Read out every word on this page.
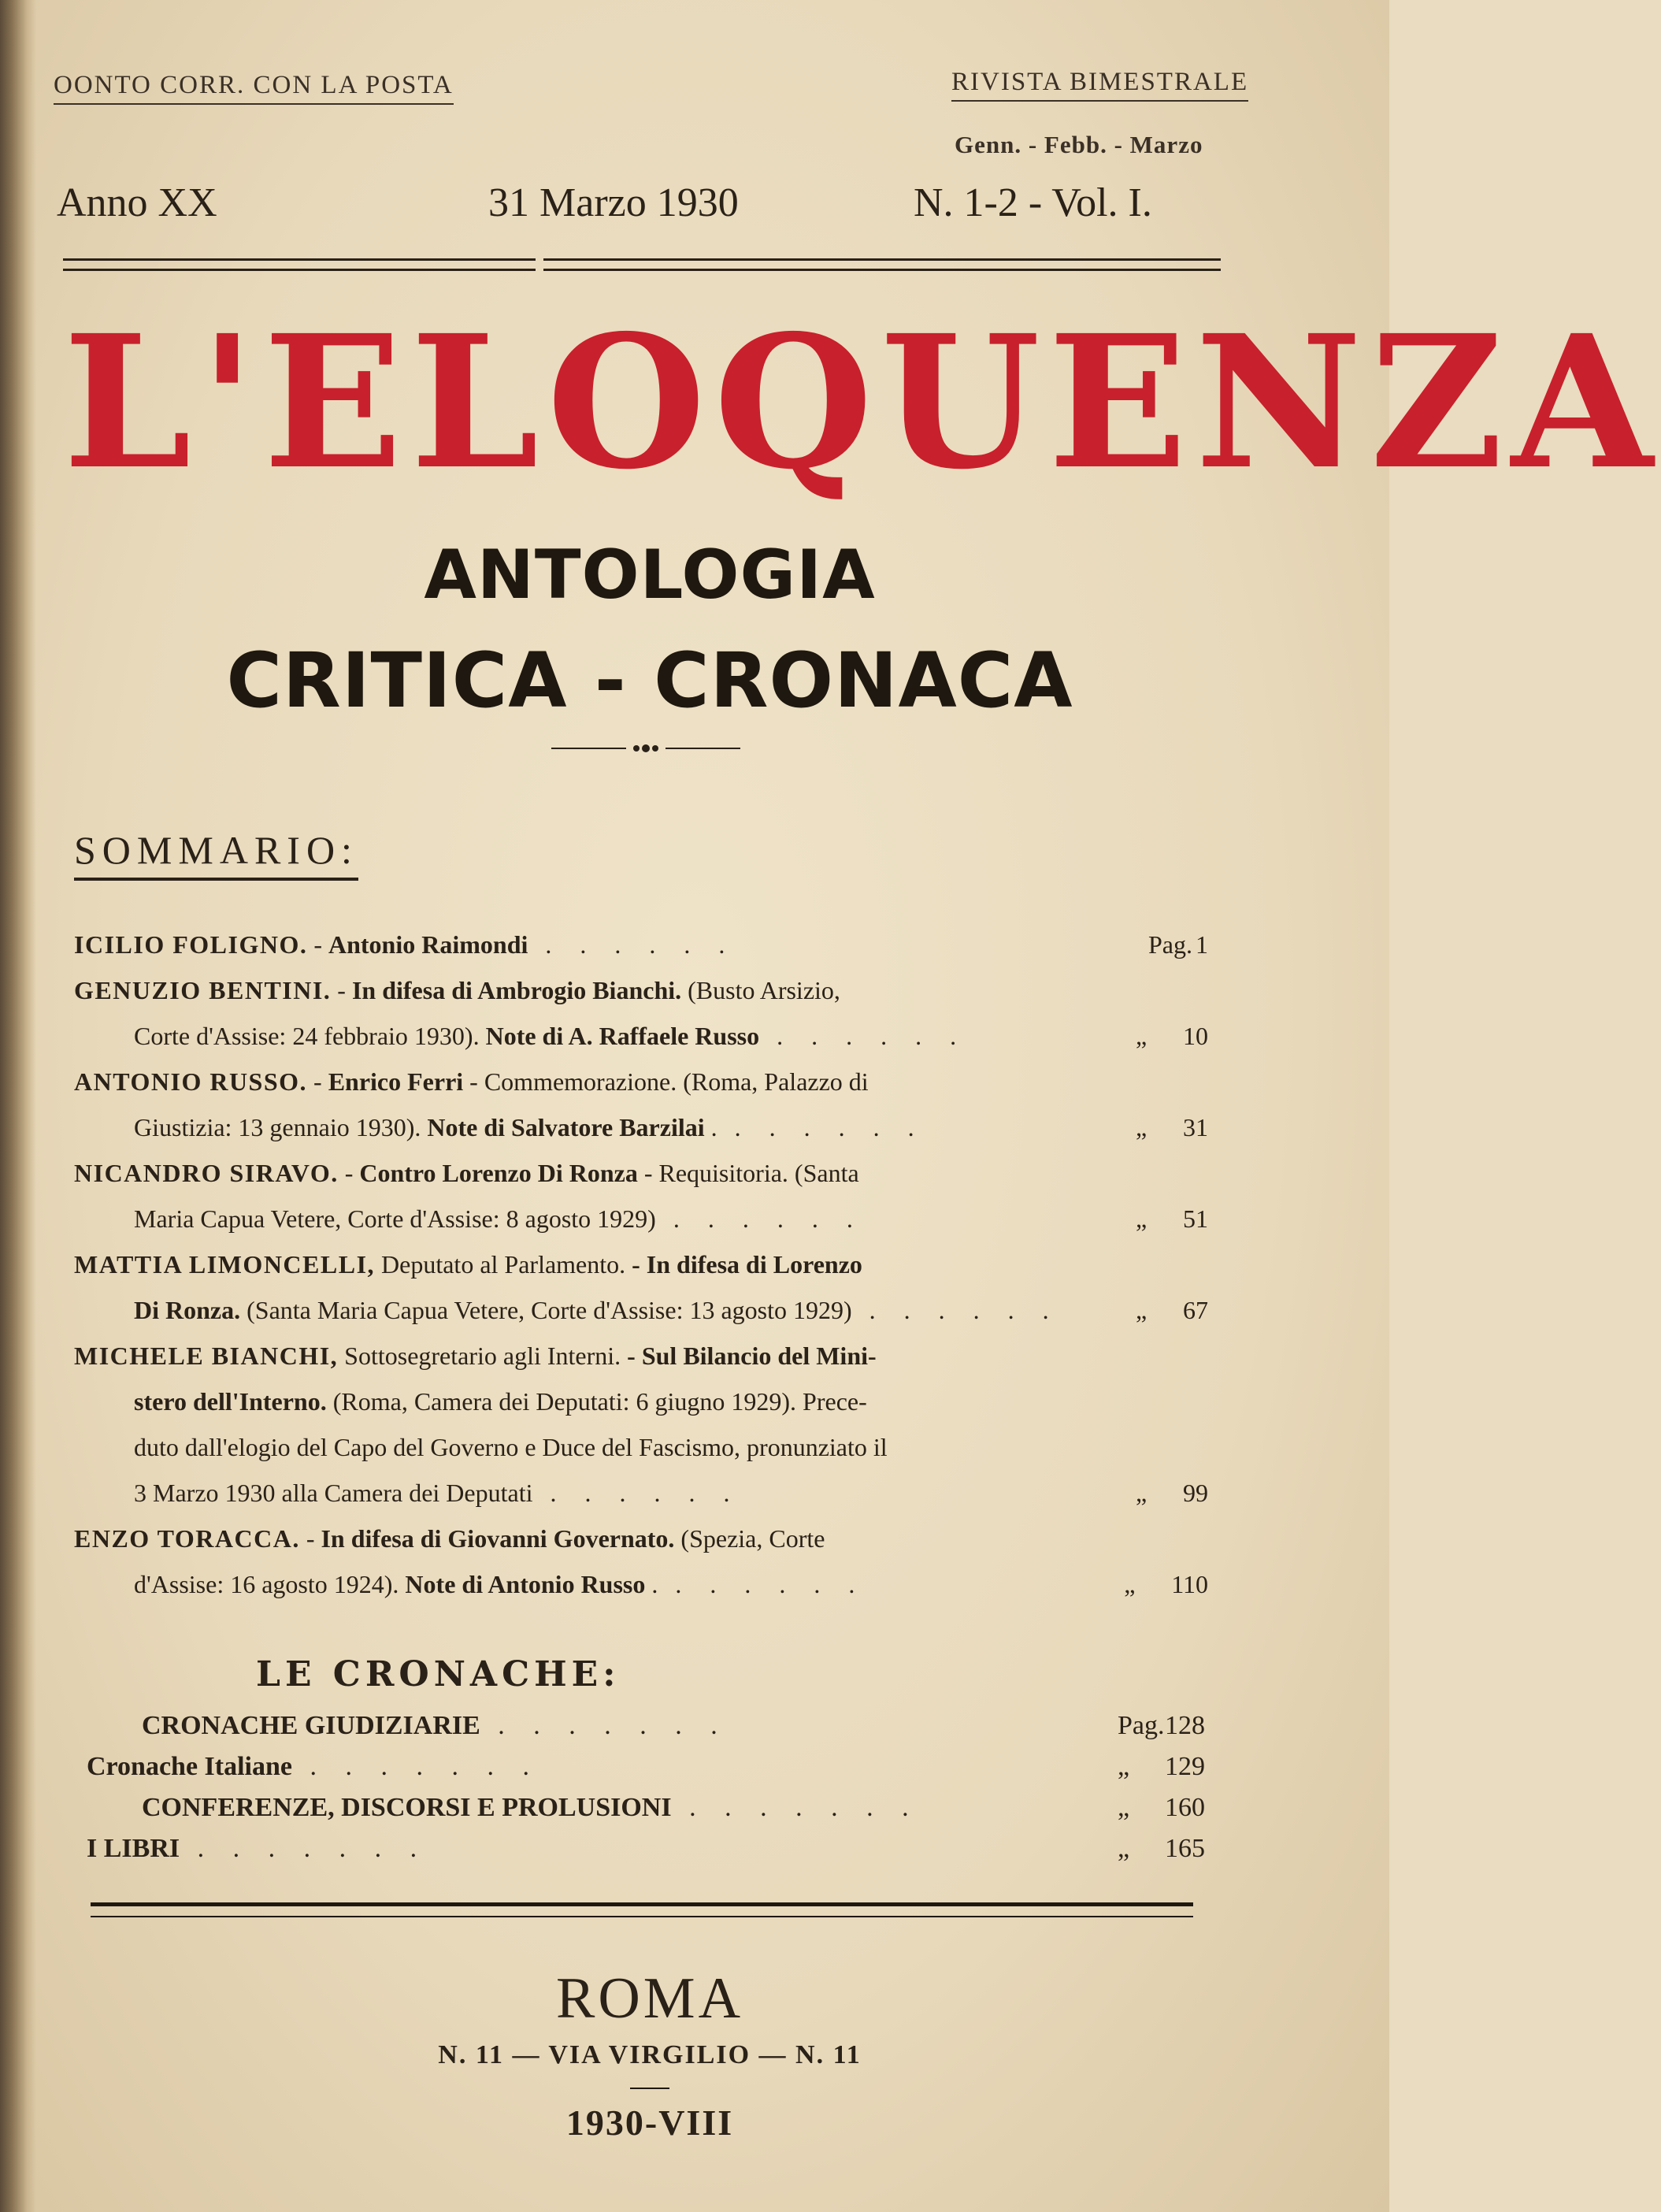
OONTO CORR. CON LA POSTA	RIVISTA BIMESTRALE
Genn. - Febb. - Marzo
Anno XX	31 Marzo 1930	N. 1-2 - Vol. I.
L'ELOQUENZA
ANTOLOGIA
CRITICA - CRONACA
SOMMARIO:
ICILIO FOLIGNO. - Antonio Raimondi . . . . . .	Pag. 1
GENUZIO BENTINI. - In difesa di Ambrogio Bianchi. (Busto Arsizio,
Corte d'Assise: 24 febbraio 1930). Note di A. Raffaele Russo . . . . . .	„ 10
ANTONIO RUSSO. - Enrico Ferri - Commemorazione. (Roma, Palazzo di
Giustizia: 13 gennaio 1930). Note di Salvatore Barzilai . . . . . . .	„ 31
NICANDRO SIRAVO. - Contro Lorenzo Di Ronza - Requisitoria. (Santa
Maria Capua Vetere, Corte d'Assise: 8 agosto 1929) . . . . . .	„ 51
MATTIA LIMONCELLI, Deputato al Parlamento. - In difesa di Lorenzo
Di Ronza. (Santa Maria Capua Vetere, Corte d'Assise: 13 agosto 1929) . . . . . .	„ 67
MICHELE BIANCHI, Sottosegretario agli Interni. - Sul Bilancio del Mini-
stero dell'Interno. (Roma, Camera dei Deputati: 6 giugno 1929). Prece-
duto dall'elogio del Capo del Governo e Duce del Fascismo, pronunziato il
3 Marzo 1930 alla Camera dei Deputati . . . . . .	„ 99
ENZO TORACCA. - In difesa di Giovanni Governato. (Spezia, Corte
d'Assise: 16 agosto 1924). Note di Antonio Russo . . . . . . .	„ 110
LE CRONACHE:
CRONACHE GIUDIZIARIE . . . . . . .	Pag.128
Cronache Italiane . . . . . . .	„ 129
CONFERENZE, DISCORSI E PROLUSIONI . . . . . . .	„ 160
I LIBRI . . . . . . .	„ 165
ROMA
N. 11 — VIA VIRGILIO — N. 11
1930-VIII
